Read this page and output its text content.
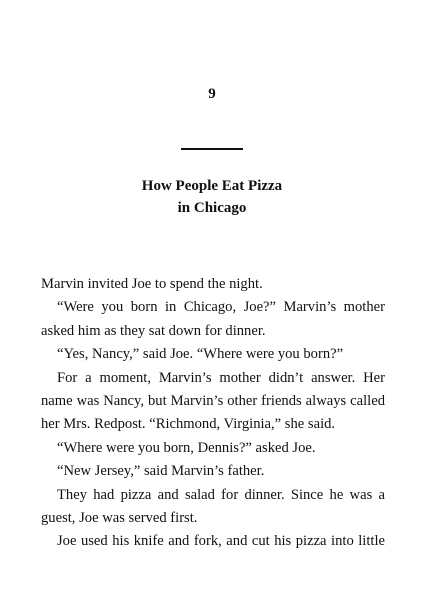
9
How People Eat Pizza
in Chicago

Marvin invited Joe to spend the night.

“Were you born in Chicago, Joe?” Marvin’s mother asked him as they sat down for dinner.

“Yes, Nancy,” said Joe. “Where were you born?”

For a moment, Marvin’s mother didn’t answer. Her name was Nancy, but Marvin’s other friends always called her Mrs. Redpost. “Richmond, Virginia,” she said.

“Where were you born, Dennis?” asked Joe.

“New Jersey,” said Marvin’s father.

They had pizza and salad for dinner. Since he was a guest, Joe was served first.

Joe used his knife and fork, and cut his pizza into little
